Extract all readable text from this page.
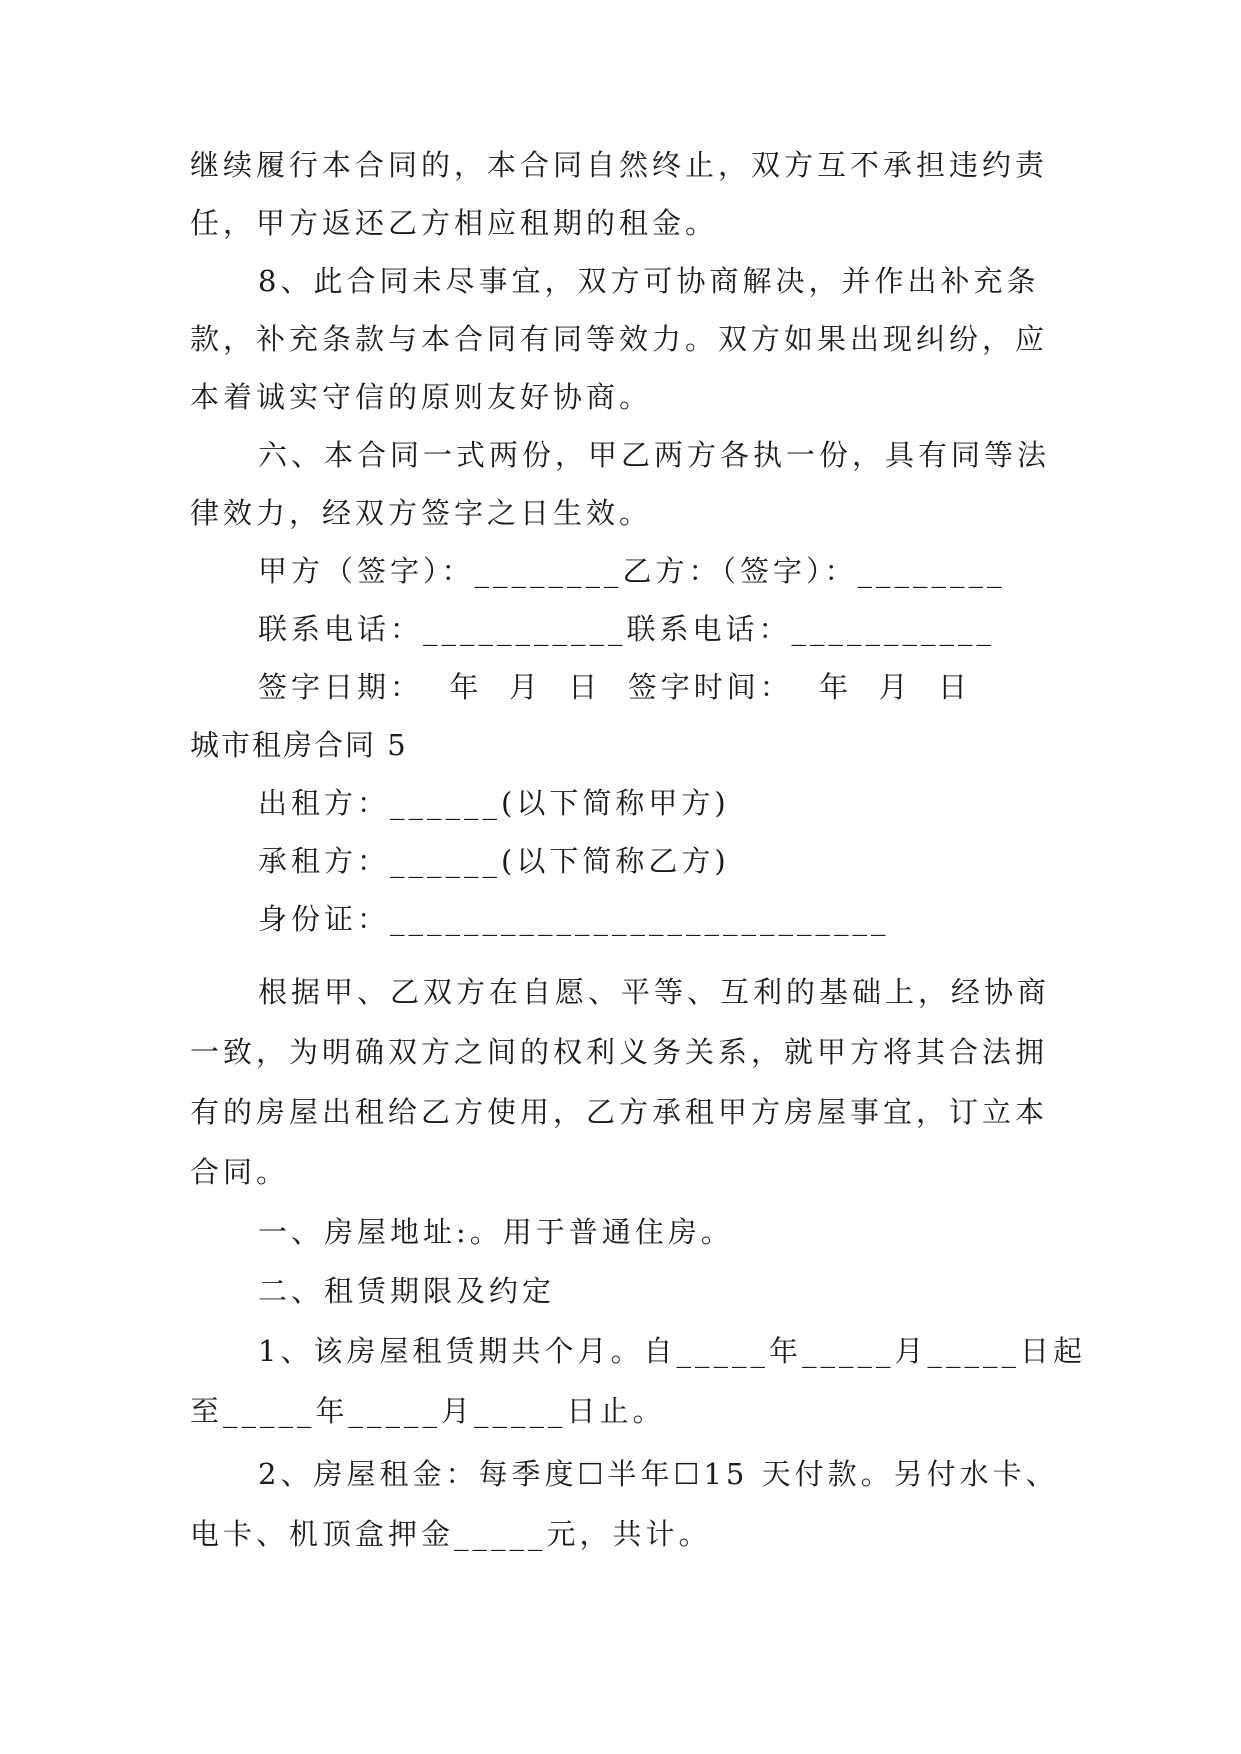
继续履行本合同的，本合同自然终止，双方互不承担违约责
任，甲方返还乙方相应租期的租金。
8、此合同未尽事宜，双方可协商解决，并作出补充条
款，补充条款与本合同有同等效力。双方如果出现纠纷，应
本着诚实守信的原则友好协商。
六、本合同一式两份，甲乙两方各执一份，具有同等法
律效力，经双方签字之日生效。
甲方（签字）：________乙方：（签字）：________
联系电话：___________联系电话：___________
签字日期：  年  月  日  签字时间：  年  月  日
城市租房合同 5
出租方：______(以下简称甲方)
承租方：______(以下简称乙方)
身份证：___________________________
根据甲、乙双方在自愿、平等、互利的基础上，经协商
一致，为明确双方之间的权利义务关系，就甲方将其合法拥
有的房屋出租给乙方使用，乙方承租甲方房屋事宜，订立本
合同。
一、房屋地址:。用于普通住房。
二、租赁期限及约定
1、该房屋租赁期共个月。自_____年_____月_____日起
至_____年_____月_____日止。
2、房屋租金：每季度☐半年☐15 天付款。另付水卡、
电卡、机顶盒押金_____元，共计。
